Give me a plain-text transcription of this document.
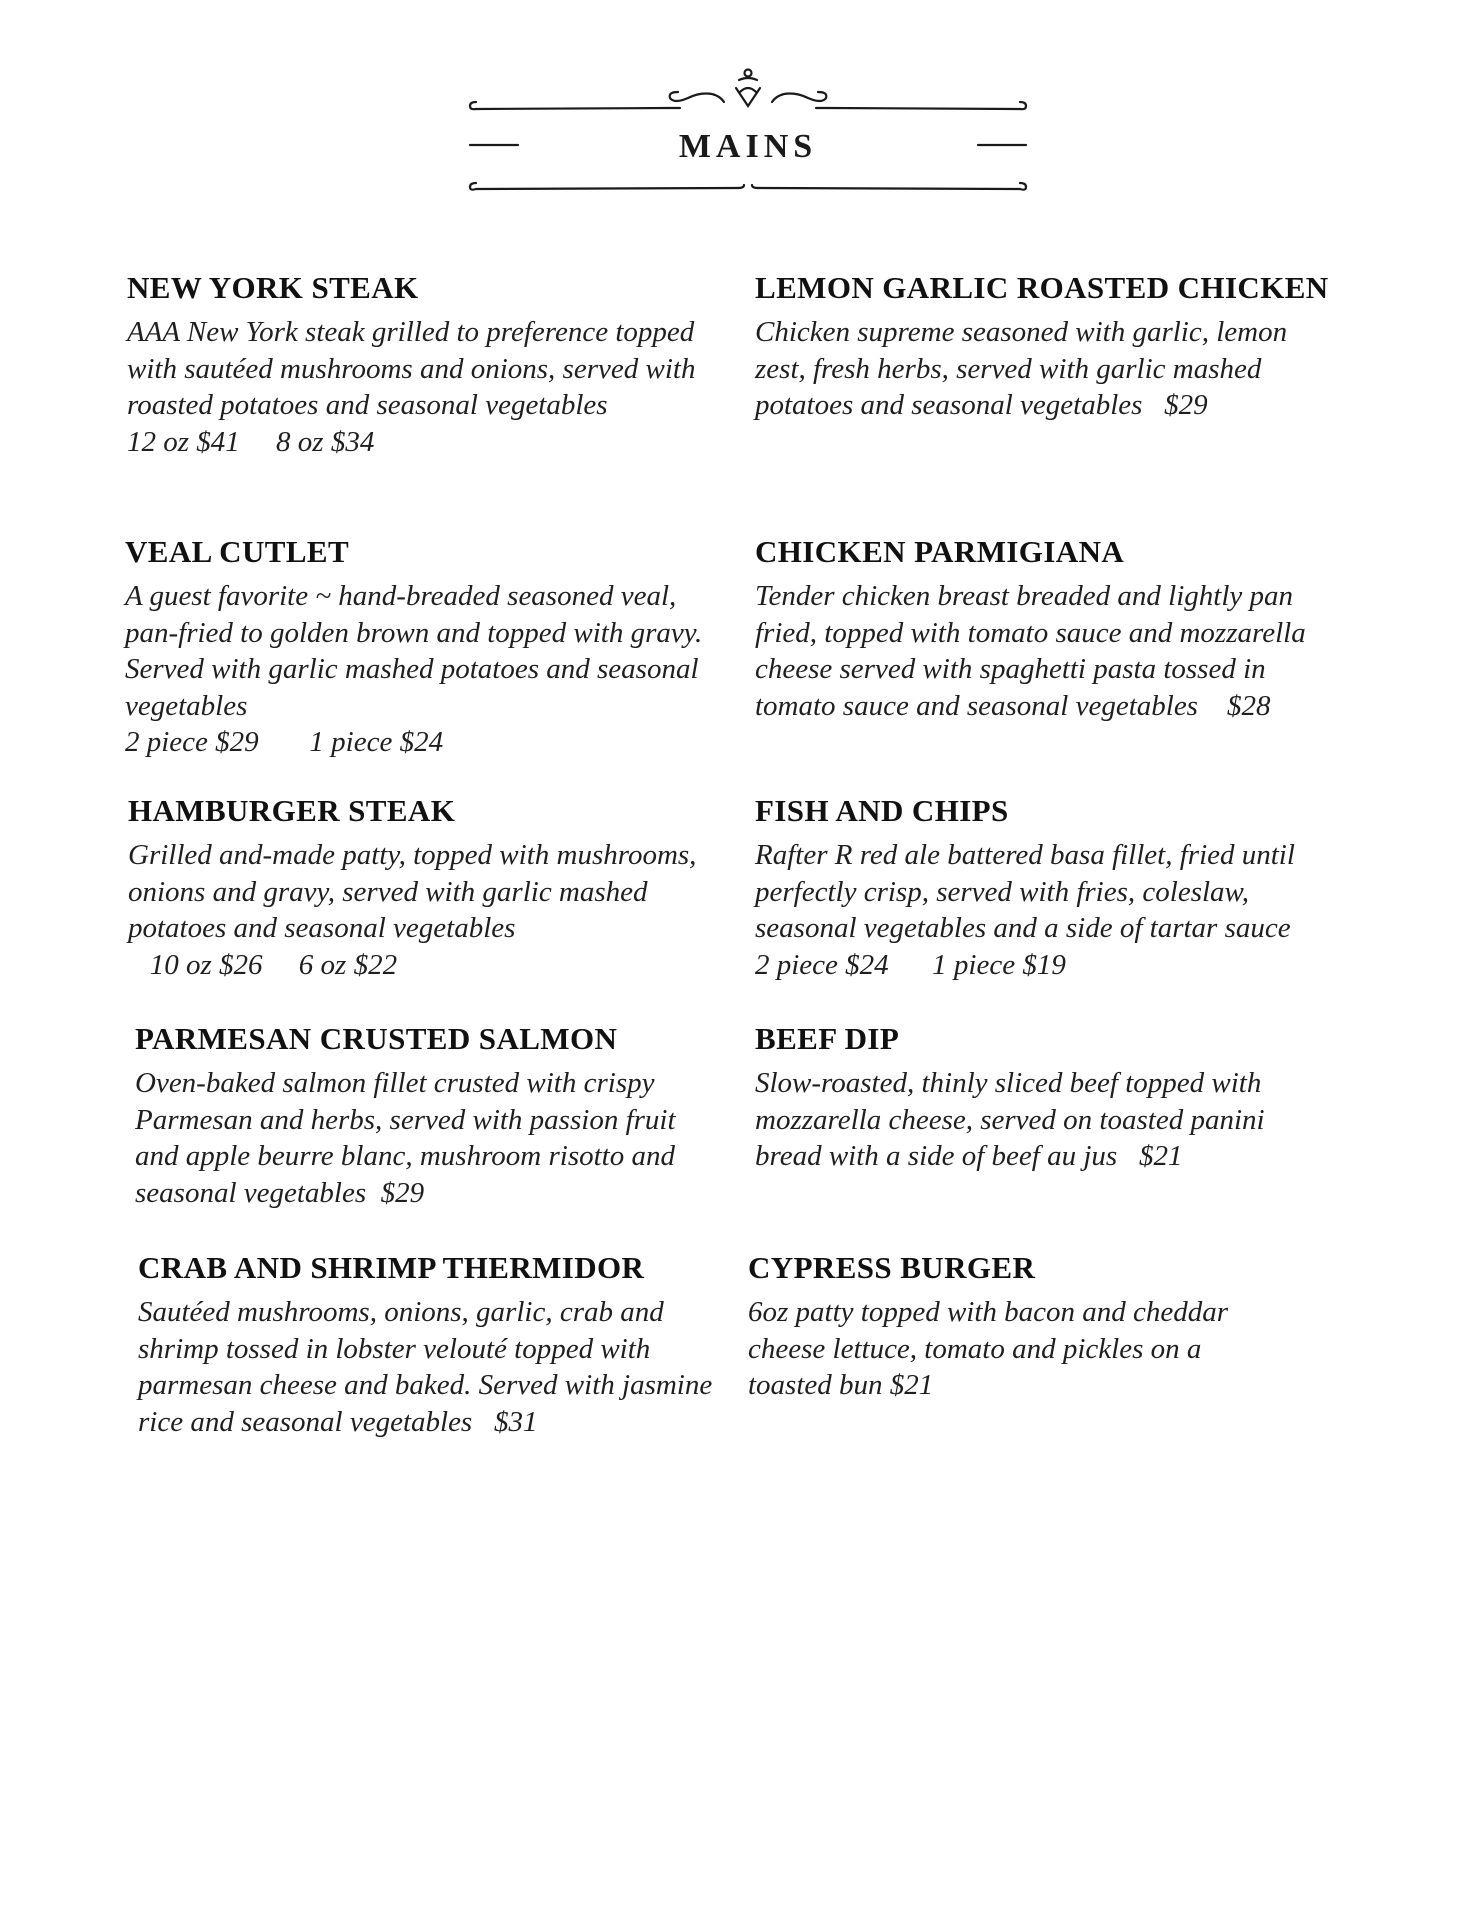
MAINS
NEW YORK STEAK
AAA New York steak grilled to preference topped with sautéed mushrooms and onions, served with roasted potatoes and seasonal vegetables
12 oz $41     8 oz $34
VEAL CUTLET
A guest favorite ~ hand-breaded seasoned veal, pan-fried to golden brown and topped with gravy. Served with garlic mashed potatoes and seasonal vegetables
2 piece $29       1 piece $24
HAMBURGER STEAK
Grilled and-made patty, topped with mushrooms, onions and gravy, served with garlic mashed potatoes and seasonal vegetables   10 oz $26     6 oz $22
PARMESAN CRUSTED SALMON
Oven-baked salmon fillet crusted with crispy Parmesan and herbs, served with passion fruit and apple beurre blanc, mushroom risotto and seasonal vegetables  $29
CRAB AND SHRIMP THERMIDOR
Sautéed mushrooms, onions, garlic, crab and shrimp tossed in lobster velouté topped with parmesan cheese and baked. Served with jasmine rice and seasonal vegetables   $31
LEMON GARLIC ROASTED CHICKEN
Chicken supreme seasoned with garlic, lemon zest, fresh herbs, served with garlic mashed potatoes and seasonal vegetables   $29
CHICKEN PARMIGIANA
Tender chicken breast breaded and lightly pan fried, topped with tomato sauce and mozzarella cheese served with spaghetti pasta tossed in tomato sauce and seasonal vegetables    $28
FISH AND CHIPS
Rafter R red ale battered basa fillet, fried until perfectly crisp, served with fries, coleslaw, seasonal vegetables and a side of tartar sauce
2 piece $24      1 piece $19
BEEF DIP
Slow-roasted, thinly sliced beef topped with mozzarella cheese, served on toasted panini bread with a side of beef au jus   $21
CYPRESS BURGER
6oz patty topped with bacon and cheddar cheese lettuce, tomato and pickles on a toasted bun $21
